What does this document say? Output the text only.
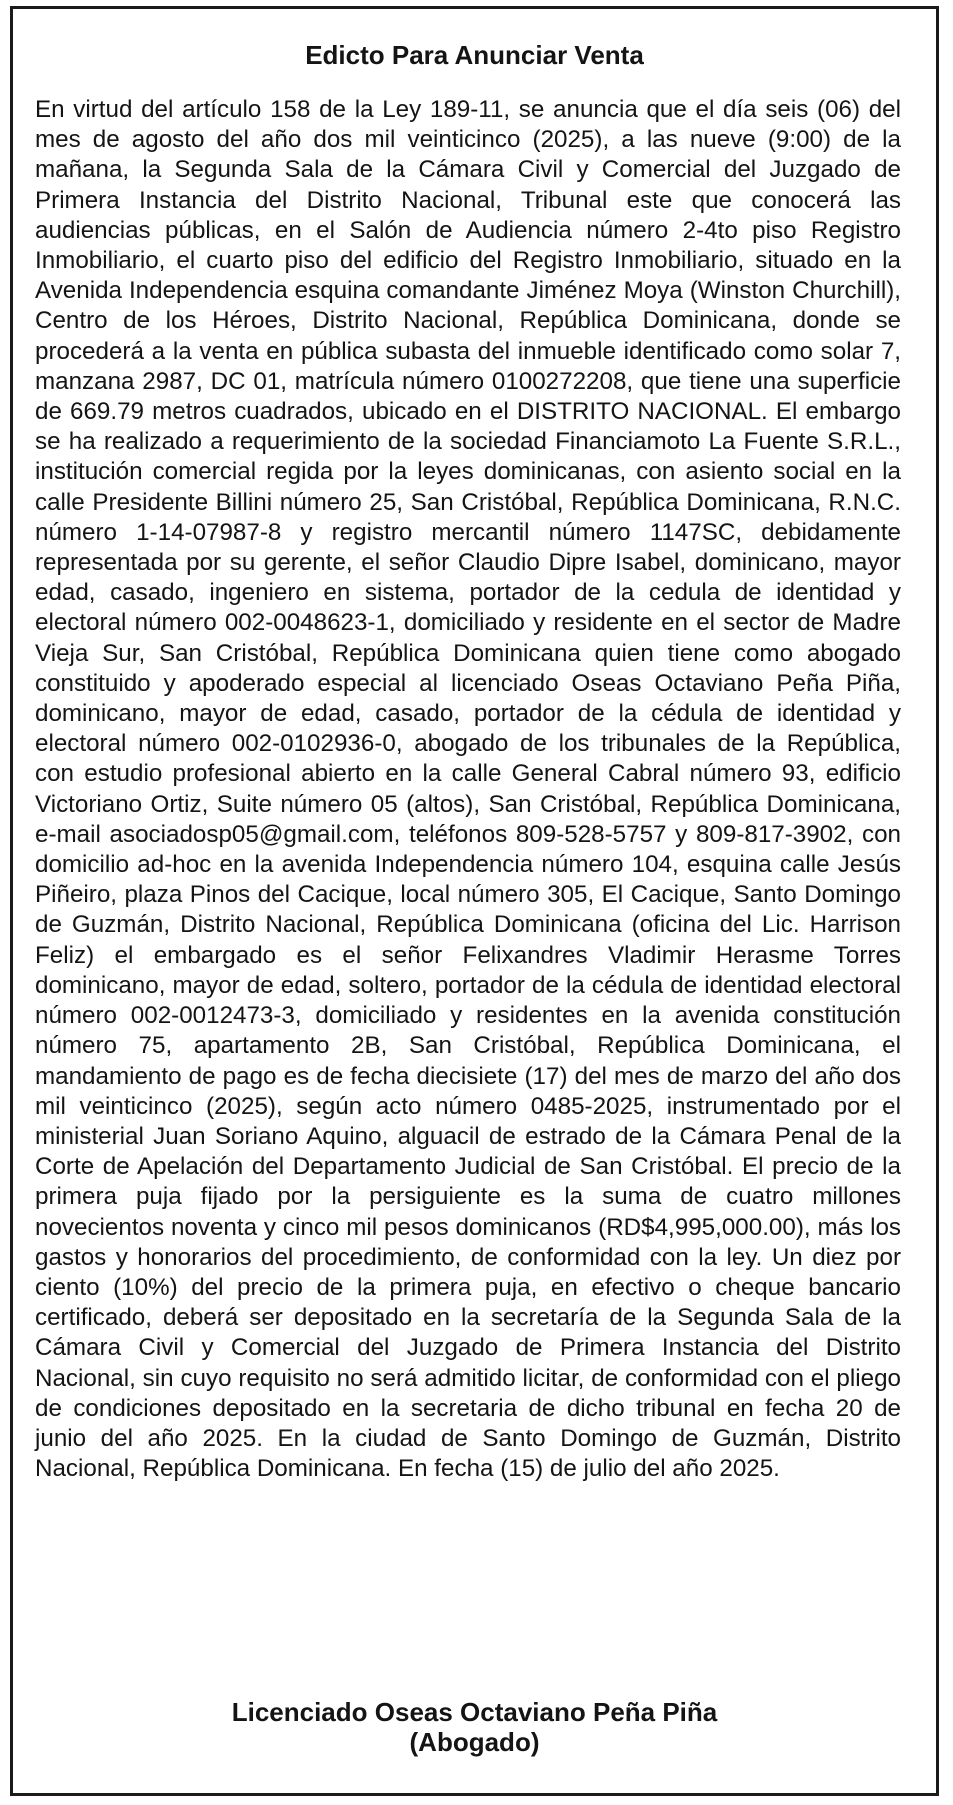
Edicto Para Anunciar Venta

En virtud del artículo 158 de la Ley 189-11, se anuncia que el día seis (06) del mes de agosto del año dos mil veinticinco (2025), a las nueve (9:00) de la mañana, la Segunda Sala de la Cámara Civil y Comercial del Juzgado de Primera Instancia del Distrito Nacional, Tribunal este que conocerá las audiencias públicas, en el Salón de Audiencia número 2-4to piso Registro Inmobiliario, el cuarto piso del edificio del Registro Inmobiliario, situado en la Avenida Independencia esquina comandante Jiménez Moya (Winston Churchill), Centro de los Héroes, Distrito Nacional, República Dominicana, donde se procederá a la venta en pública subasta del inmueble identificado como solar 7, manzana 2987, DC 01, matrícula número 0100272208, que tiene una superficie de 669.79 metros cuadrados, ubicado en el DISTRITO NACIONAL. El embargo se ha realizado a requerimiento de la sociedad Financiamoto La Fuente S.R.L., institución comercial regida por la leyes dominicanas, con asiento social en la calle Presidente Billini número 25, San Cristóbal, República Dominicana, R.N.C. número 1-14-07987-8 y registro mercantil número 1147SC, debidamente representada por su gerente, el señor Claudio Dipre Isabel, dominicano, mayor edad, casado, ingeniero en sistema, portador de la cedula de identidad y electoral número 002-0048623-1, domiciliado y residente en el sector de Madre Vieja Sur, San Cristóbal, República Dominicana quien tiene como abogado constituido y apoderado especial al licenciado Oseas Octaviano Peña Piña, dominicano, mayor de edad, casado, portador de la cédula de identidad y electoral número 002-0102936-0, abogado de los tribunales de la República, con estudio profesional abierto en la calle General Cabral número 93, edificio Victoriano Ortiz, Suite número 05 (altos), San Cristóbal, República Dominicana, e-mail asociadosp05@gmail.com, teléfonos 809-528-5757 y 809-817-3902, con domicilio ad-hoc en la avenida Independencia número 104, esquina calle Jesús Piñeiro, plaza Pinos del Cacique, local número 305, El Cacique, Santo Domingo de Guzmán, Distrito Nacional, República Dominicana (oficina del Lic. Harrison Feliz) el embargado es el señor Felixandres Vladimir Herasme Torres dominicano, mayor de edad, soltero, portador de la cédula de identidad electoral número 002-0012473-3, domiciliado y residentes en la avenida constitución número 75, apartamento 2B, San Cristóbal, República Dominicana, el mandamiento de pago es de fecha diecisiete (17) del mes de marzo del año dos mil veinticinco (2025), según acto número 0485-2025, instrumentado por el ministerial Juan Soriano Aquino, alguacil de estrado de la Cámara Penal de la Corte de Apelación del Departamento Judicial de San Cristóbal. El precio de la primera puja fijado por la persiguiente es la suma de cuatro millones novecientos noventa y cinco mil pesos dominicanos (RD$4,995,000.00), más los gastos y honorarios del procedimiento, de conformidad con la ley. Un diez por ciento (10%) del precio de la primera puja, en efectivo o cheque bancario certificado, deberá ser depositado en la secretaría de la Segunda Sala de la Cámara Civil y Comercial del Juzgado de Primera Instancia del Distrito Nacional, sin cuyo requisito no será admitido licitar, de conformidad con el pliego de condiciones depositado en la secretaria de dicho tribunal en fecha 20 de junio del año 2025. En la ciudad de Santo Domingo de Guzmán, Distrito Nacional, República Dominicana. En fecha (15) de julio del año 2025.

Licenciado Oseas Octaviano Peña Piña
(Abogado)
